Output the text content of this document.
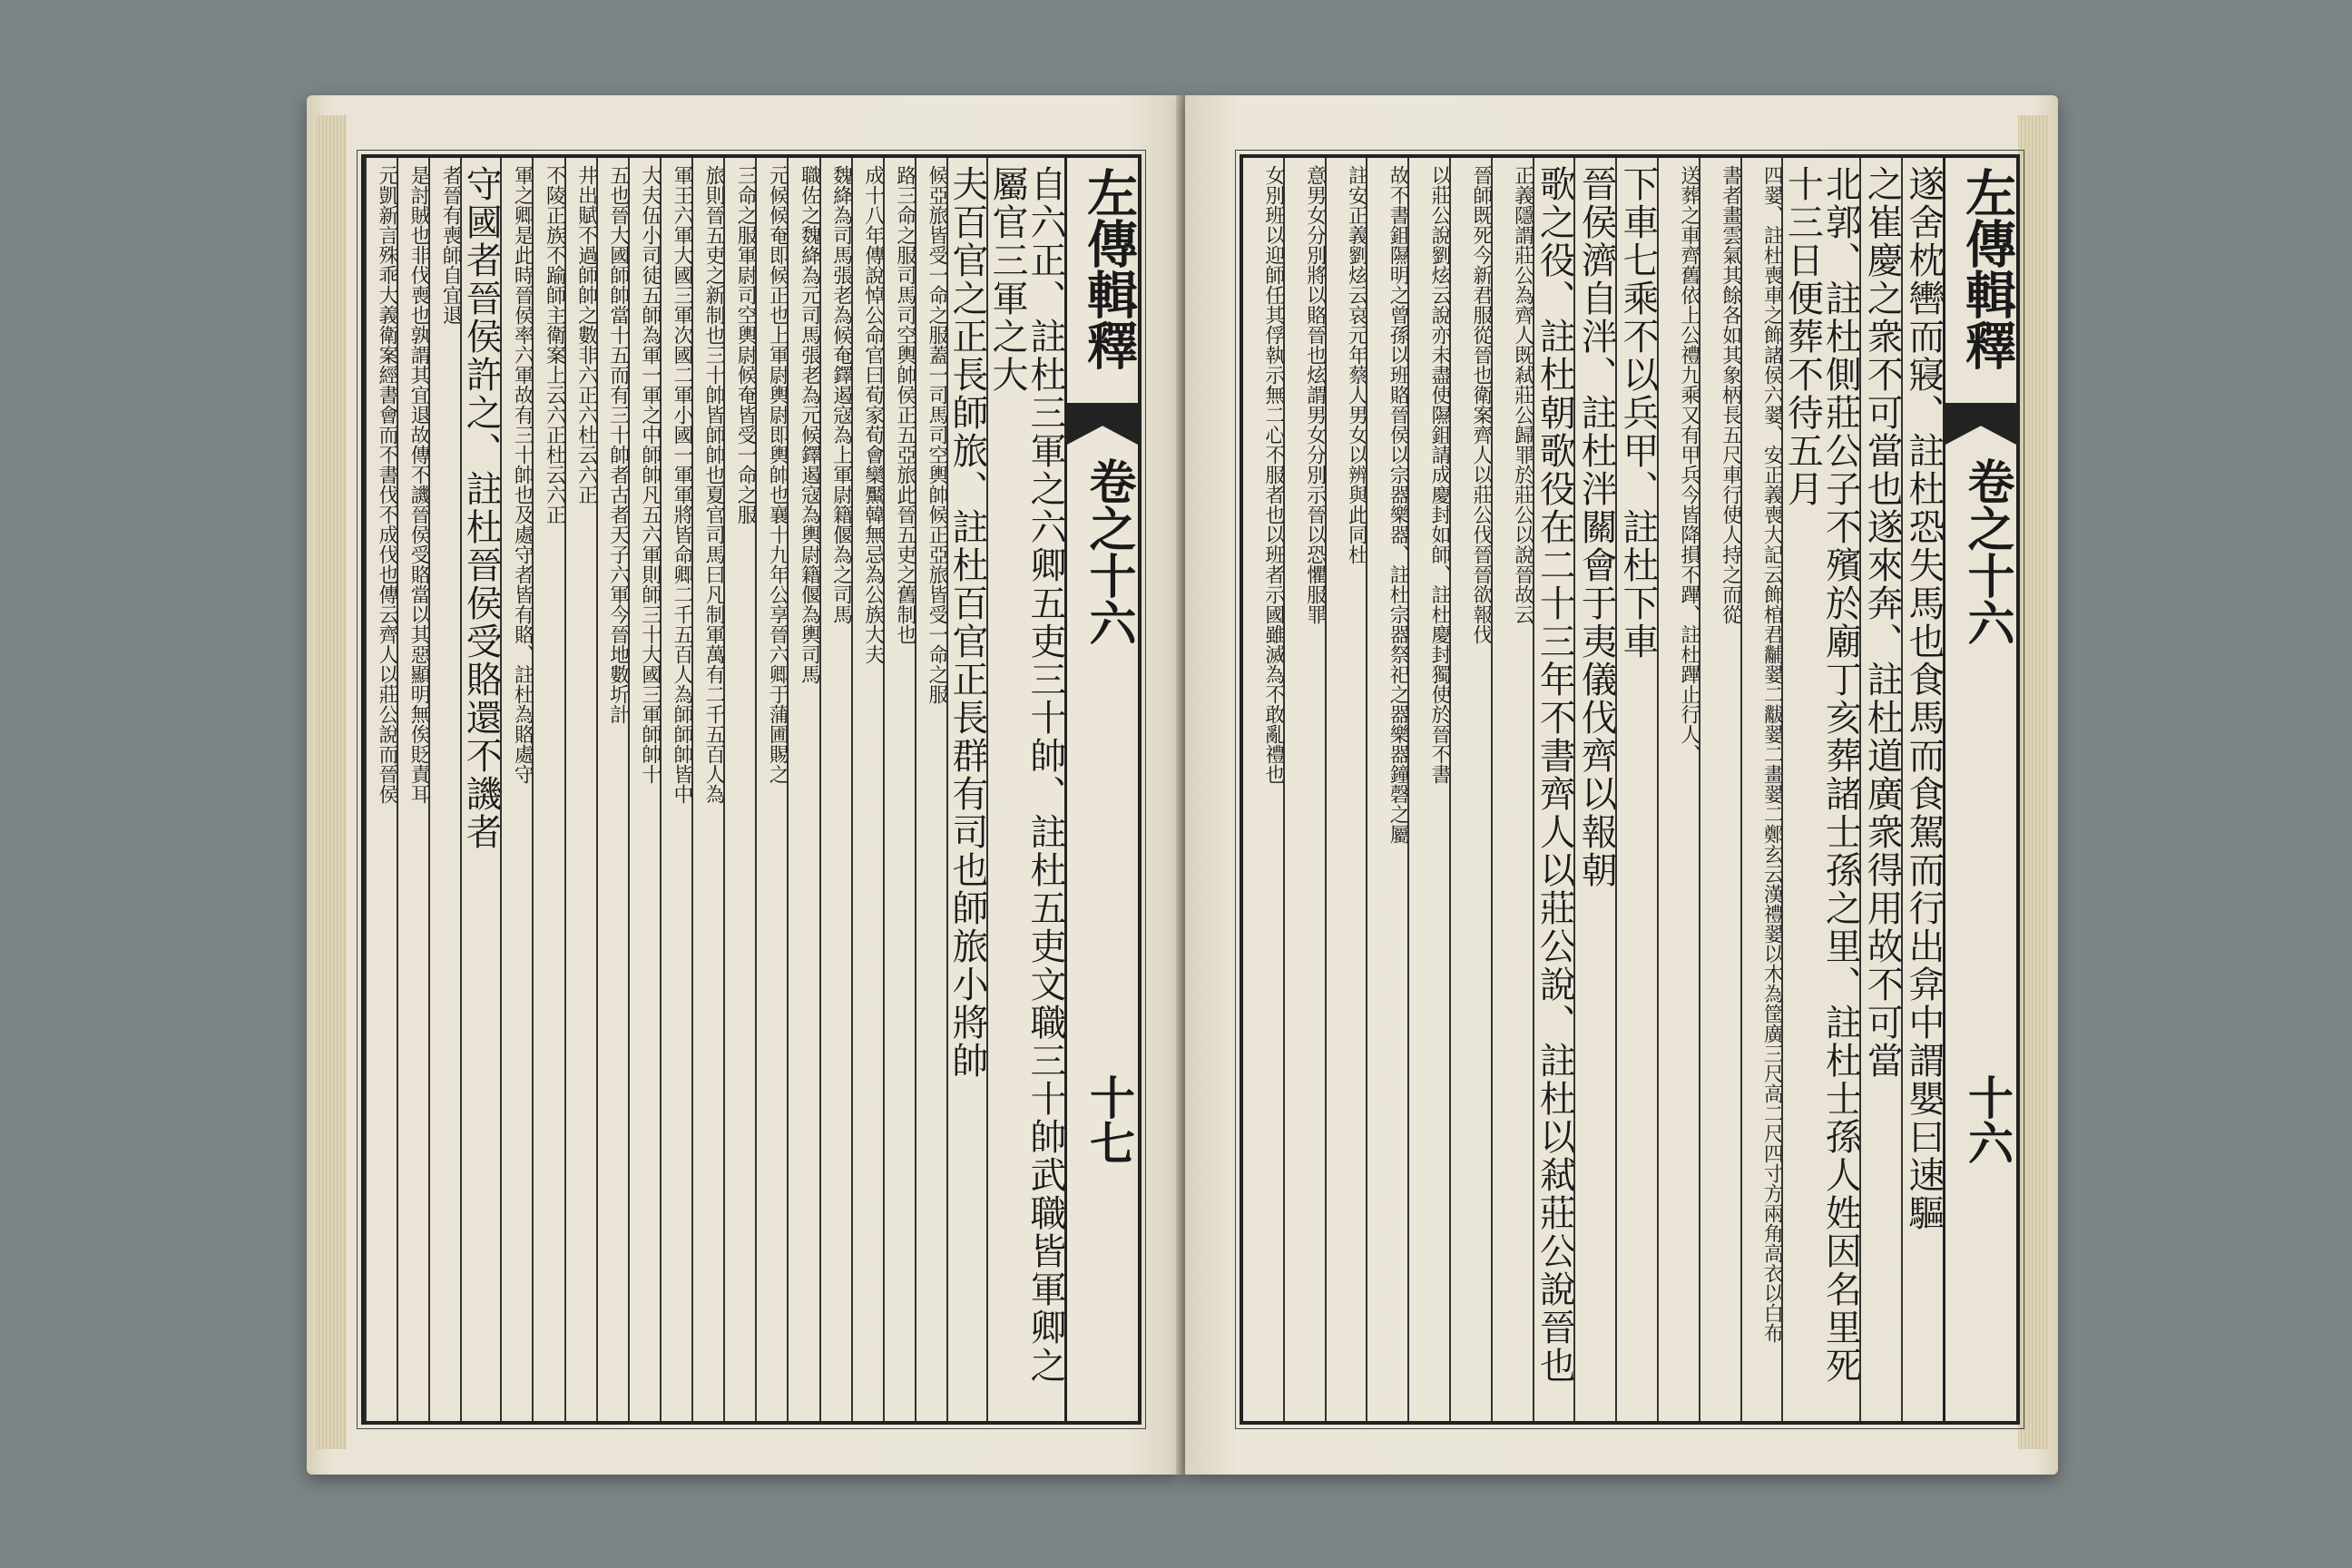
自六正、註杜三軍之六卿五吏三十帥、註杜五吏文職三十帥武職皆軍卿之屬官三軍之大
夫百官之正長師旅、註杜百官正長群有司也師旅小將帥
候亞旅皆受一命之服蓋一司馬司空輿帥候正亞旅皆受一命之服
路三命之服司馬司空輿帥侯正五亞旅此晉五吏之舊制也
成十八年傳說悼公命官曰荀家荀會欒黶韓無忌為公族大夫
魏絳為司馬張老為候奄鐸遏寇為上軍尉籍偃為之司馬
職佐之魏絳為元司馬張老為元候鐸遏寇為輿尉籍偃為輿司馬
元候候奄即候正也上軍尉輿尉即輿帥也襄十九年公享晉六卿于蒲圃賜之
三命之服軍尉司空輿尉候奄皆受一命之服
旅則晉五吏之新制也三十帥皆師帥也夏官司馬曰凡制軍萬有二千五百人為
軍王六軍大國三軍次國二軍小國一軍軍將皆命卿二千五百人為師師帥皆中
大夫伍小司徒五師為軍一軍之中師帥凡五六軍則師三十大國三軍師帥十
五也晉大國師帥當十五而有三十帥者古者天子六軍今晉地數圻計
井出賦不過師帥之數非六正六杜云六正
不陵正族不踰師主衛案上云六正杜云六正
軍之卿是此時晉侯率六軍故有三十帥也及處守者皆有賂、註杜為賂處守
守國者晉侯許之、註杜晉侯受賂還不譏者
者晉有喪師自宜退
是討賊也非伐喪也孰謂其宜退故傳不譏晉侯受賂當以其惡顯明無俟貶責耳
元凱新言殊乖大義衛案經書會而不書伐不成伐也傳云齊人以莊公說而晉侯	左傳輯釋
卷之十六
十七
左傳輯釋
卷之十六
十六
遂舍枕轡而寢、註杜恐失馬也食馬而食駕而行出弇中謂嬰曰速驅
之崔慶之衆不可當也遂來奔、註杜道廣衆得用故不可當
北郭、註杜側莊公子不殯於廟丁亥葬諸士孫之里、註杜士孫人姓因名里死十三日便葬不待五月
四翣、註杜喪車之飾諸侯六翣、安正義喪大記云飾棺君黼翣二黻翣二畫翣二鄭玄云漢禮翣以木為筐廣三尺高二尺四寸方兩角高衣以白布
書者畫雲氣其餘各如其象柄長五尺車行使人持之而從
送葬之車齊舊依上公禮九乘又有甲兵今皆降損不蹕、註杜蹕止行人、
下車七乘不以兵甲、註杜下車
晉侯濟自泮、註杜泮關會于夷儀伐齊以報朝
歌之役、註杜朝歌役在二十三年不書齊人以莊公說、註杜以弒莊公說晉也
正義隱謂莊公為齊人既弒莊公歸罪於莊公以說晉故云
晉師既死今新君服從晉也衛案齊人以莊公伐晉晉欲報伐
以莊公說劉炫云說亦未盡使隰鉏請成慶封如師、註杜慶封獨使於晉不書
故不書鉏隰明之曾孫以班賂晉侯以宗器樂器、註杜宗器祭祀之器樂器鐘磬之屬
註安正義劉炫云哀元年蔡人男女以辨與此同杜
意男女分別將以賂晉也炫謂男女分別示晉以恐懼服罪
女別班以迎師任其俘執示無二心不服者也以班者示國雖滅為不敢亂禮也
